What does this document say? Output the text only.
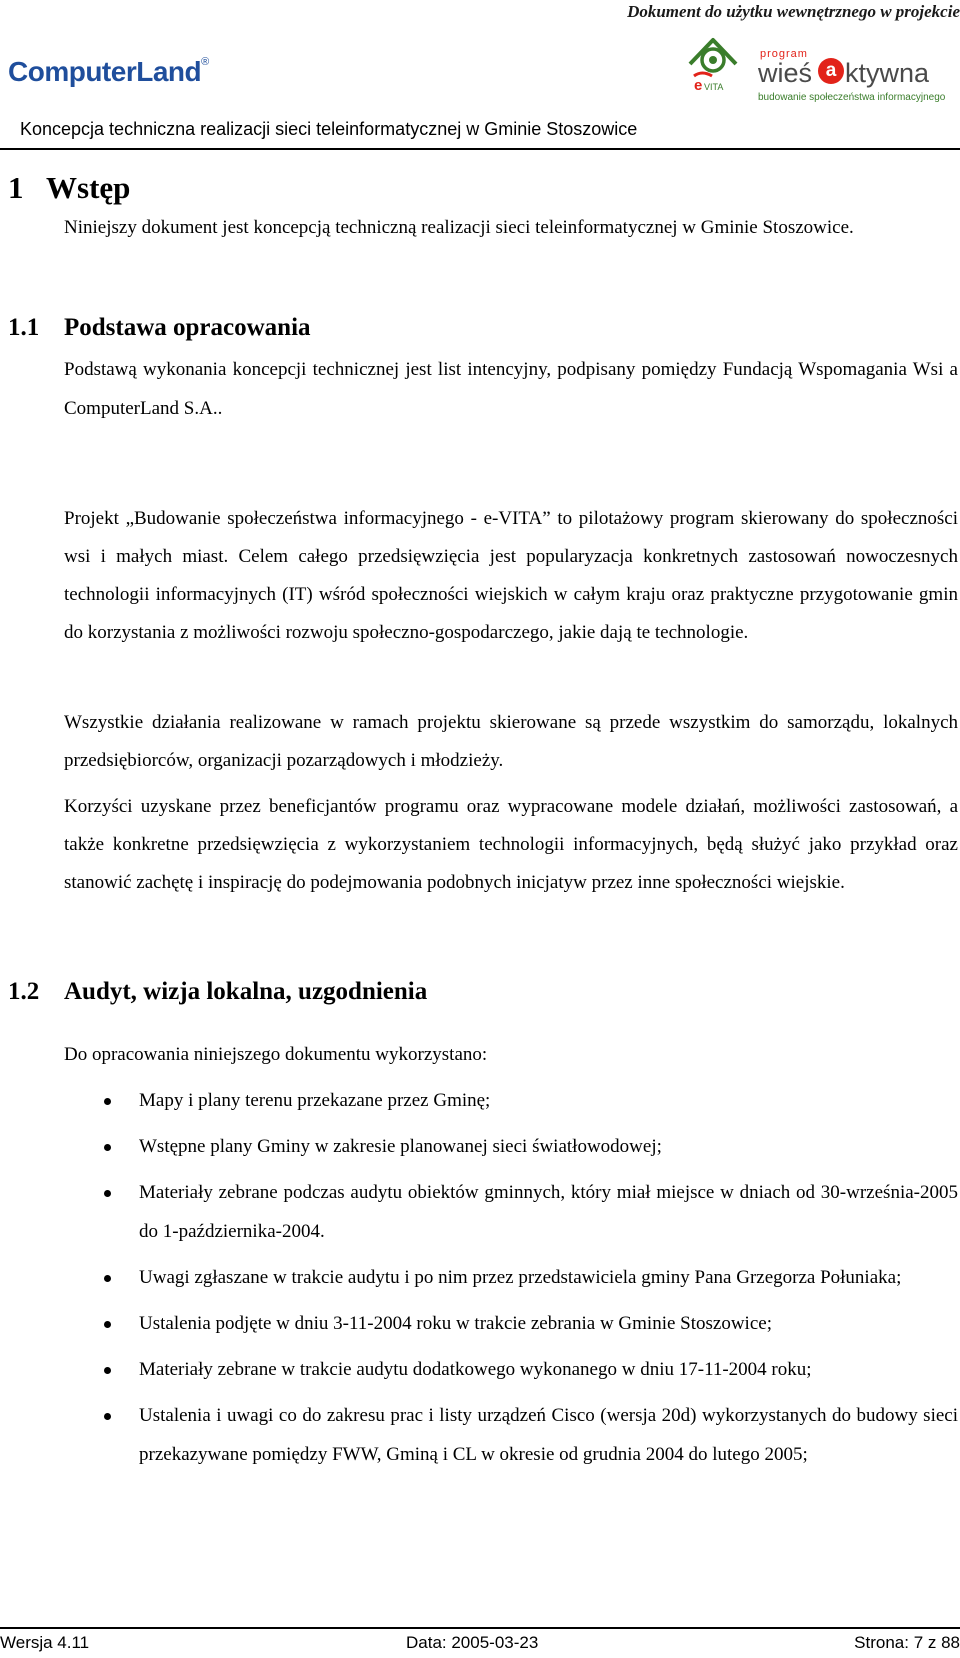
Dokument do użytku wewnętrznego w projekcie
ComputerLand®
e VITA
program
wieś a ktywna
budowanie społeczeństwa informacyjnego
Koncepcja techniczna realizacji sieci teleinformatycznej w Gminie Stoszowice
1 Wstęp

Niniejszy dokument jest koncepcją techniczną realizacji sieci teleinformatycznej w Gminie Stoszowice.

1.1 Podstawa opracowania

Podstawą wykonania koncepcji technicznej jest list intencyjny, podpisany pomiędzy Fundacją Wspomagania Wsi a ComputerLand S.A..

Projekt „Budowanie społeczeństwa informacyjnego - e-VITA” to pilotażowy program skierowany do społeczności wsi i małych miast. Celem całego przedsięwzięcia jest popularyzacja konkretnych zastosowań nowoczesnych technologii informacyjnych (IT) wśród społeczności wiejskich w całym kraju oraz praktyczne przygotowanie gmin do korzystania z możliwości rozwoju społeczno-gospodarczego, jakie dają te technologie.

Wszystkie działania realizowane w ramach projektu skierowane są przede wszystkim do samorządu, lokalnych przedsiębiorców, organizacji pozarządowych i młodzieży.

Korzyści uzyskane przez beneficjantów programu oraz wypracowane modele działań, możliwości zastosowań, a także konkretne przedsięwzięcia z wykorzystaniem technologii informacyjnych, będą służyć jako przykład oraz stanowić zachętę i inspirację do podejmowania podobnych inicjatyw przez inne społeczności wiejskie.

1.2 Audyt, wizja lokalna, uzgodnienia

Do opracowania niniejszego dokumentu wykorzystano:

Mapy i plany terenu przekazane przez Gminę;
Wstępne plany Gminy w zakresie planowanej sieci światłowodowej;
Materiały zebrane podczas audytu obiektów gminnych, który miał miejsce w dniach od 30-września-2005 do 1-października-2004.
Uwagi zgłaszane w trakcie audytu i po nim przez przedstawiciela gminy Pana Grzegorza Połuniaka;
Ustalenia podjęte w dniu 3-11-2004 roku w trakcie zebrania w Gminie Stoszowice;
Materiały zebrane w trakcie audytu dodatkowego wykonanego w dniu 17-11-2004 roku;
Ustalenia i uwagi co do zakresu prac i listy urządzeń Cisco (wersja 20d) wykorzystanych do budowy sieci przekazywane pomiędzy FWW, Gminą i CL w okresie od grudnia 2004 do lutego 2005;
Wersja 4.11	Data: 2005-03-23	Strona: 7 z 88
